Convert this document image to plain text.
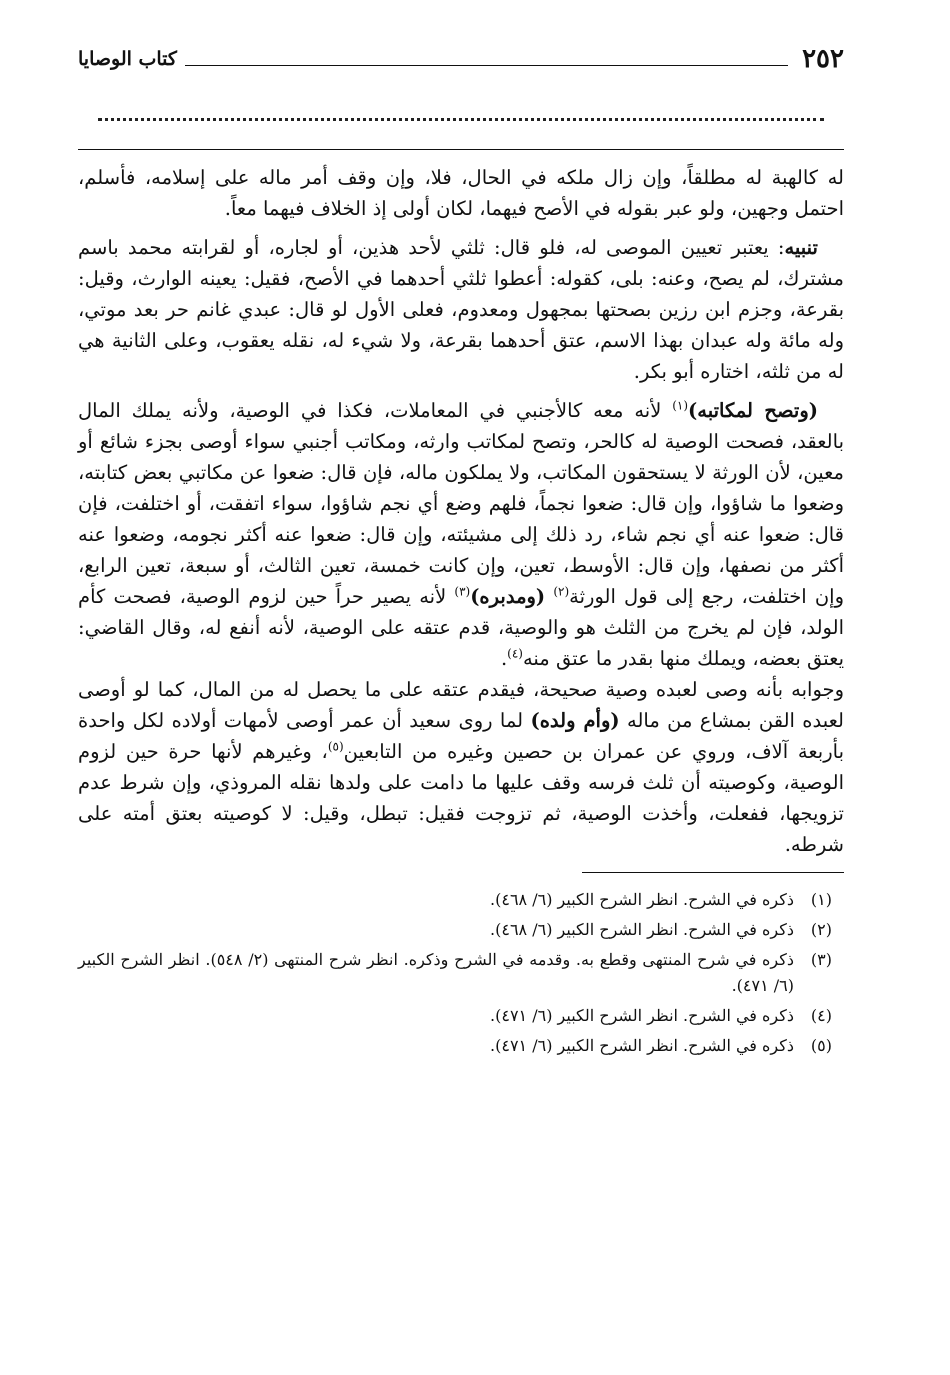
٢٥٢
كتاب الوصايا

له كالهبة له مطلقاً، وإن زال ملكه في الحال، فلا، وإن وقف أمر ماله على إسلامه، فأسلم، احتمل وجهين، ولو عبر بقوله في الأصح فيهما، لكان أولى إذ الخلاف فيهما معاً.

تنبيه: يعتبر تعيين الموصى له، فلو قال: ثلثي لأحد هذين، أو لجاره، أو لقرابته محمد باسم مشترك، لم يصح، وعنه: بلى، كقوله: أعطوا ثلثي أحدهما في الأصح، فقيل: يعينه الوارث، وقيل: بقرعة، وجزم ابن رزين بصحتها بمجهول ومعدوم، فعلى الأول لو قال: عبدي غانم حر بعد موتي، وله مائة وله عبدان بهذا الاسم، عتق أحدهما بقرعة، ولا شيء له، نقله يعقوب، وعلى الثانية هي له من ثلثه، اختاره أبو بكر.

(وتصح لمكاتبه)$^{(١)}$ لأنه معه كالأجنبي في المعاملات، فكذا في الوصية، ولأنه يملك المال بالعقد، فصحت الوصية له كالحر، وتصح لمكاتب وارثه، ومكاتب أجنبي سواء أوصى بجزء شائع أو معين، لأن الورثة لا يستحقون المكاتب، ولا يملكون ماله، فإن قال: ضعوا عن مكاتبي بعض كتابته، وضعوا ما شاؤوا، وإن قال: ضعوا نجماً، فلهم وضع أي نجم شاؤوا، سواء اتفقت، أو اختلفت، فإن قال: ضعوا عنه أي نجم شاء، رد ذلك إلى مشيئته، وإن قال: ضعوا عنه أكثر نجومه، وضعوا عنه أكثر من نصفها، وإن قال: الأوسط، تعين، وإن كانت خمسة، تعين الثالث، أو سبعة، تعين الرابع، وإن اختلفت، رجع إلى قول الورثة$^{(٢)}$ (ومدبره)$^{(٣)}$ لأنه يصير حراً حين لزوم الوصية، فصحت كأم الولد، فإن لم يخرج من الثلث هو والوصية، قدم عتقه على الوصية، لأنه أنفع له، وقال القاضي: يعتق بعضه، ويملك منها بقدر ما عتق منه$^{(٤)}$.

وجوابه بأنه وصى لعبده وصية صحيحة، فيقدم عتقه على ما يحصل له من المال، كما لو أوصى لعبده القن بمشاع من ماله (وأم ولده) لما روى سعيد أن عمر أوصى لأمهات أولاده لكل واحدة بأربعة آلاف، وروي عن عمران بن حصين وغيره من التابعين$^{(٥)}$، وغيرهم لأنها حرة حين لزوم الوصية، وكوصيته أن ثلث فرسه وقف عليها ما دامت على ولدها نقله المروذي، وإن شرط عدم تزويجها، ففعلت، وأخذت الوصية، ثم تزوجت فقيل: تبطل، وقيل: لا كوصيته بعتق أمته على شرطه.

(١)
ذكره في الشرح. انظر الشرح الكبير (٦/ ٤٦٨).
(٢)
ذكره في الشرح. انظر الشرح الكبير (٦/ ٤٦٨).
(٣)
ذكره في شرح المنتهى وقطع به. وقدمه في الشرح وذكره. انظر شرح المنتهى (٢/ ٥٤٨). انظر الشرح الكبير (٦/ ٤٧١).
(٤)
ذكره في الشرح. انظر الشرح الكبير (٦/ ٤٧١).
(٥)
ذكره في الشرح. انظر الشرح الكبير (٦/ ٤٧١).
